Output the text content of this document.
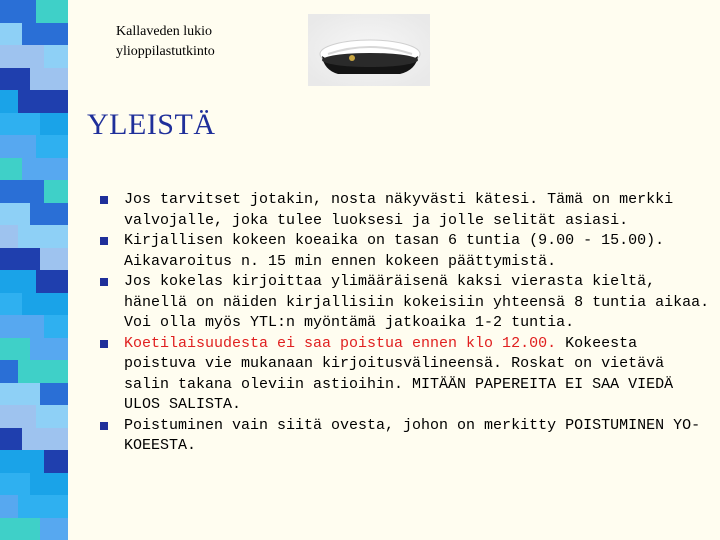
Kallaveden lukio
ylioppilastutkinto
YLEISTÄ
Jos tarvitset jotakin, nosta näkyvästi kätesi. Tämä on merkki valvojalle, joka tulee luoksesi ja jolle selität asiasi.
Kirjallisen kokeen koeaika on tasan 6 tuntia (9.00 - 15.00). Aikavaroitus n. 15 min ennen kokeen päättymistä.
Jos kokelas kirjoittaa ylimääräisenä kaksi vierasta kieltä, hänellä on näiden kirjallisiin kokeisiin yhteensä 8 tuntia aikaa. Voi olla myös YTL:n myöntämä jatkoaika 1-2 tuntia.
Koetilaisuudesta ei saa poistua ennen klo 12.00. Kokeesta poistuva vie mukanaan kirjoitusvälineensä. Roskat on vietävä salin takana oleviin astioihin. MITÄÄN PAPEREITA EI SAA VIEDÄ ULOS SALISTA.
Poistuminen vain siitä ovesta, johon on merkitty POISTUMINEN YO-KOEESTA.
